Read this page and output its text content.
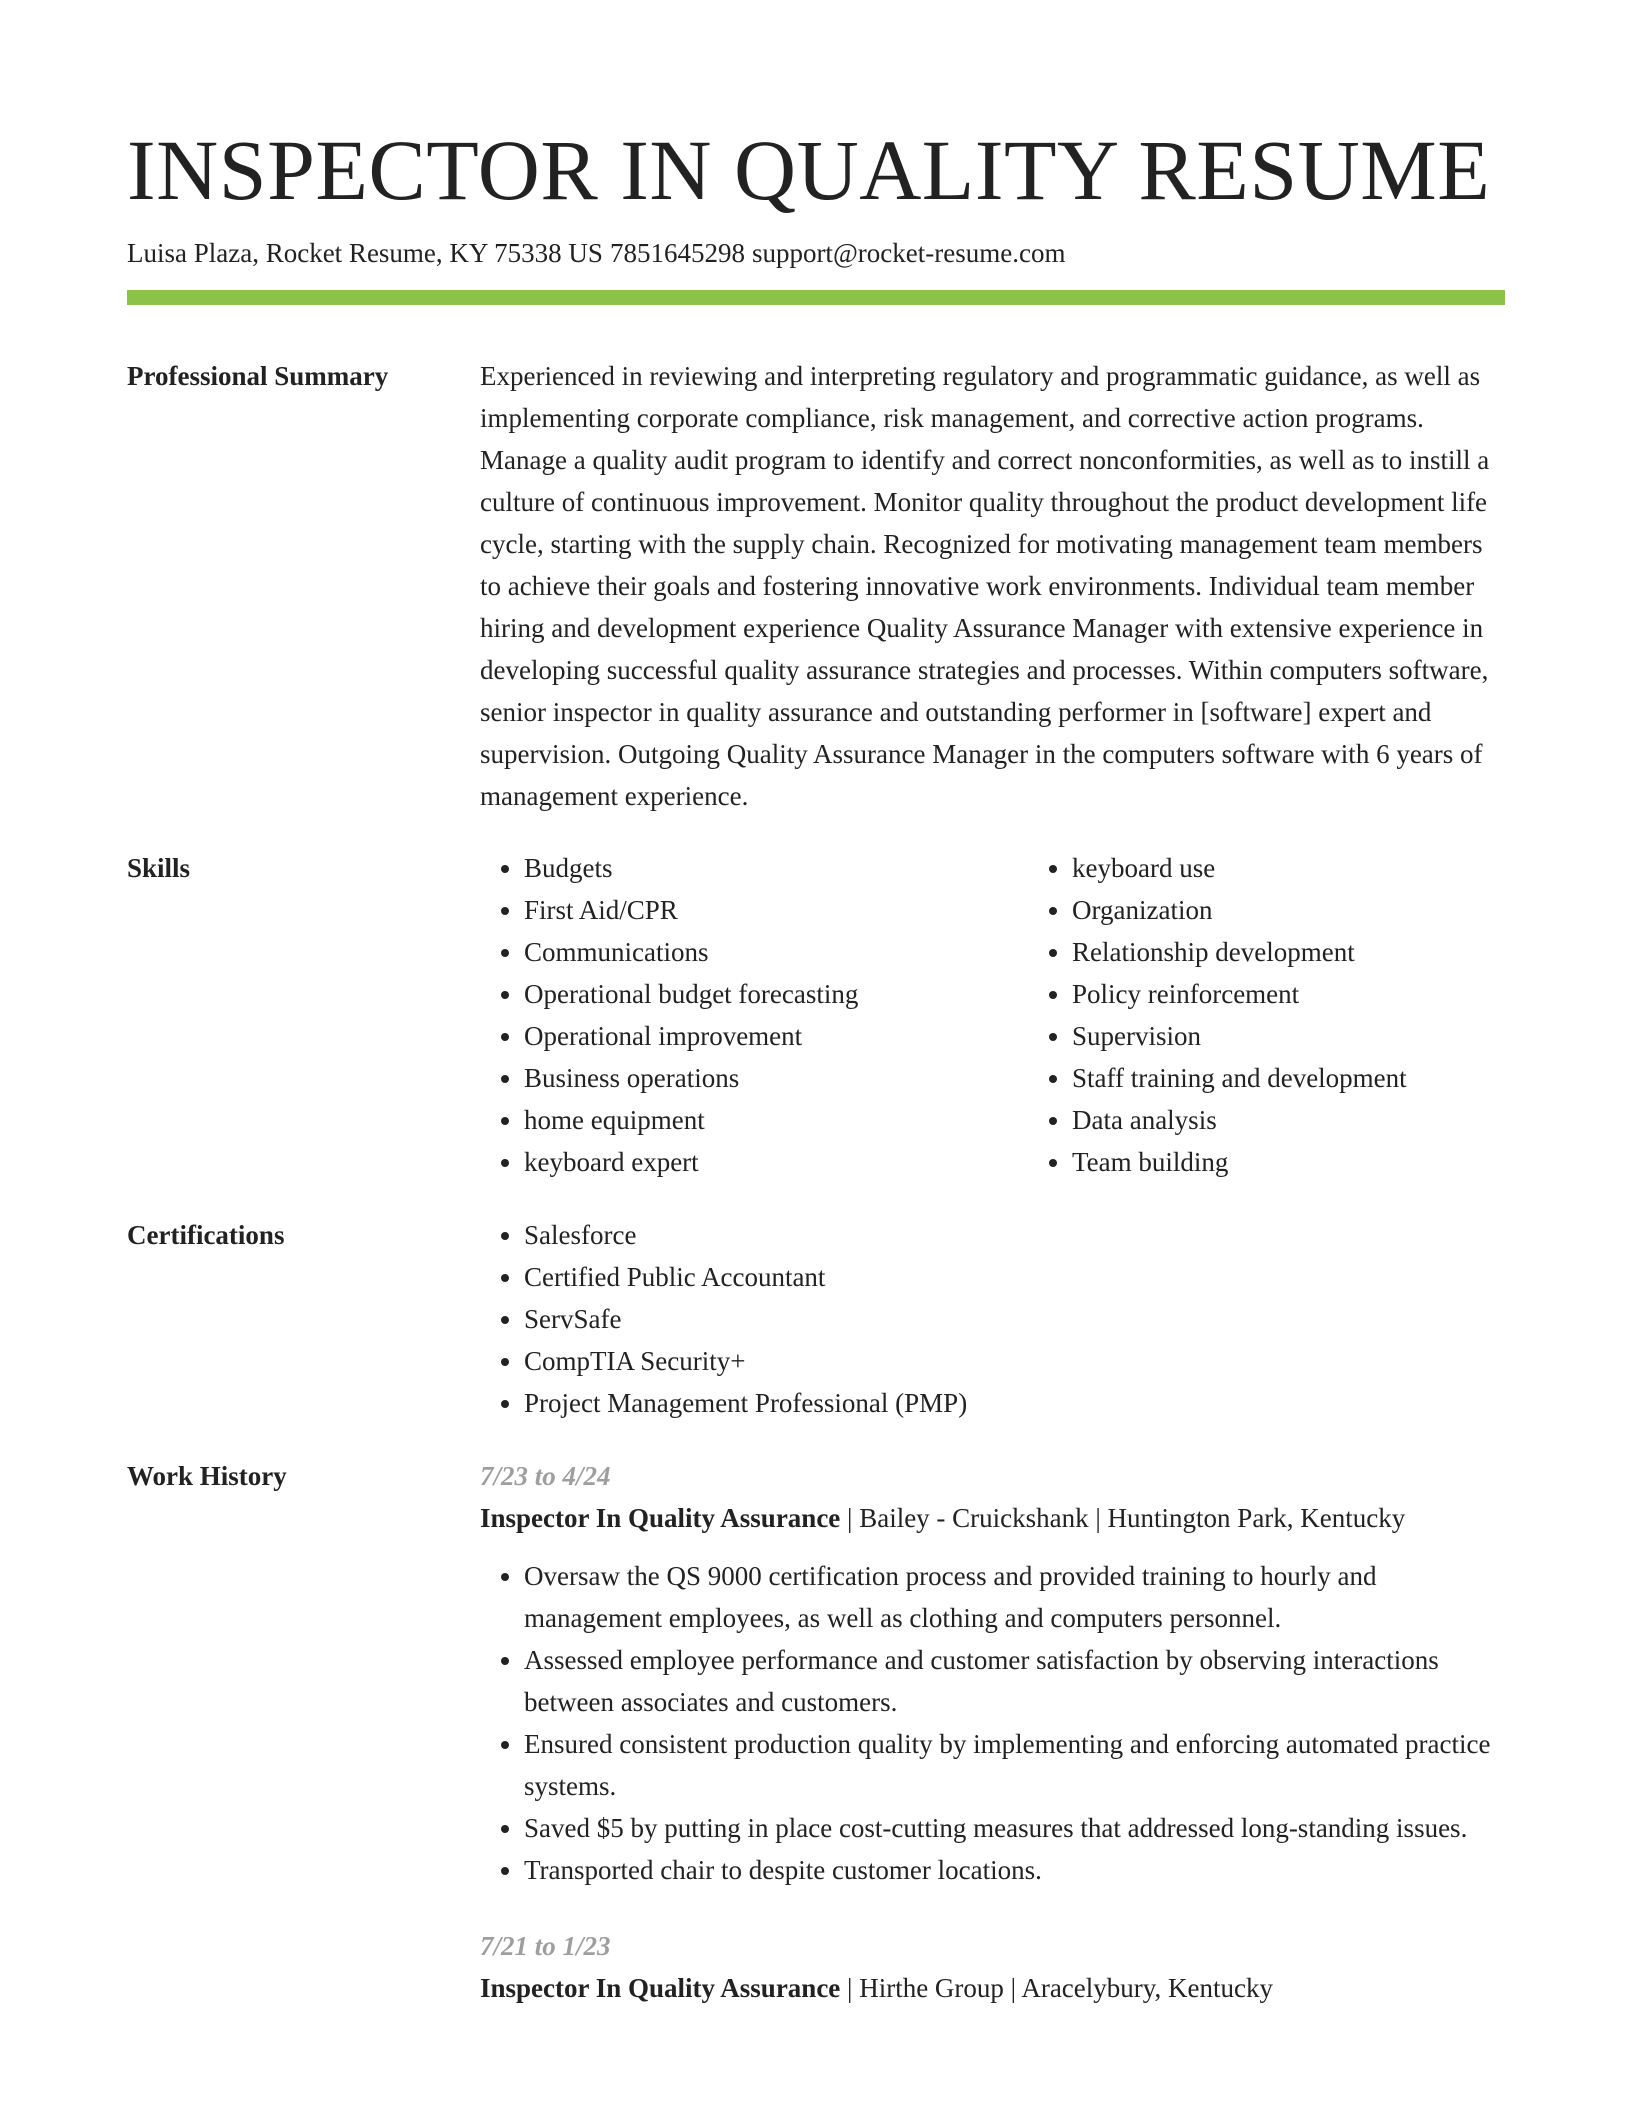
INSPECTOR IN QUALITY RESUME
Luisa Plaza, Rocket Resume, KY 75338 US 7851645298 support@rocket-resume.com
Professional Summary	Experienced in reviewing and interpreting regulatory and programmatic guidance, as well as implementing corporate compliance, risk management, and corrective action programs. Manage a quality audit program to identify and correct nonconformities, as well as to instill a culture of continuous improvement. Monitor quality throughout the product development life cycle, starting with the supply chain. Recognized for motivating management team members to achieve their goals and fostering innovative work environments. Individual team member hiring and development experience Quality Assurance Manager with extensive experience in developing successful quality assurance strategies and processes. Within computers software, senior inspector in quality assurance and outstanding performer in [software] expert and supervision. Outgoing Quality Assurance Manager in the computers software with 6 years of management experience.

Skills	• Budgets
• First Aid/CPR
• Communications
• Operational budget forecasting
• Operational improvement
• Business operations
• home equipment
• keyboard expert
• keyboard use
• Organization
• Relationship development
• Policy reinforcement
• Supervision
• Staff training and development
• Data analysis
• Team building
Certifications	• Salesforce
• Certified Public Accountant
• ServSafe
• CompTIA Security+
• Project Management Professional (PMP)
Work History	7/23 to 4/24
Inspector In Quality Assurance | Bailey - Cruickshank | Huntington Park, Kentucky
• Oversaw the QS 9000 certification process and provided training to hourly and management employees, as well as clothing and computers personnel.
• Assessed employee performance and customer satisfaction by observing interactions between associates and customers.
• Ensured consistent production quality by implementing and enforcing automated practice systems.
• Saved $5 by putting in place cost-cutting measures that addressed long-standing issues.
• Transported chair to despite customer locations.
7/21 to 1/23
Inspector In Quality Assurance | Hirthe Group | Aracelybury, Kentucky
